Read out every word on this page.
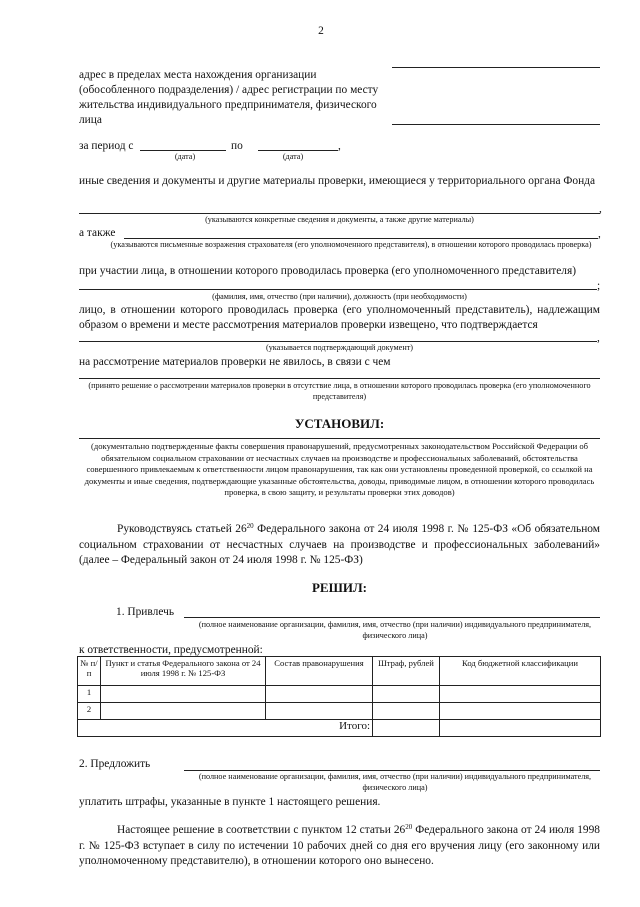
2
адрес в пределах места нахождения организации
(обособленного подразделения) / адрес регистрации по месту
жительства индивидуального предпринимателя, физического
лица
за период с	по	,
(дата)	(дата)
иные сведения и документы и другие материалы проверки, имеющиеся у территориального органа Фонда
,
(указываются конкретные сведения и документы, а также другие материалы)
а также	,
(указываются письменные возражения страхователя (его уполномоченного представителя), в отношении которого проводилась проверка)
при участии лица, в отношении которого проводилась проверка (его уполномоченного представителя)
;
(фамилия, имя, отчество (при наличии), должность (при необходимости)
лицо, в отношении которого проводилась проверка (его уполномоченный представитель), надлежащим образом о времени и месте рассмотрения материалов проверки извещено, что подтверждается
,
(указывается подтверждающий документ)
на рассмотрение материалов проверки не явилось, в связи с чем
(принято решение о рассмотрении материалов проверки в отсутствие лица, в отношении которого проводилась проверка (его уполномоченного представителя)
УСТАНОВИЛ:
(документально подтвержденные факты совершения правонарушений, предусмотренных законодательством Российской Федерации об обязательном социальном страховании от несчастных случаев на производстве и профессиональных заболеваний, обстоятельства совершенного привлекаемым к ответственности лицом правонарушения, так как они установлены проведенной проверкой, со ссылкой на документы и иные сведения, подтверждающие указанные обстоятельства, доводы, приводимые лицом, в отношении которого проводилась проверка, в свою защиту, и результаты проверки этих доводов)
Руководствуясь статьей $26^{20}$ Федерального закона от 24 июля 1998 г. № 125-ФЗ «Об обязательном социальном страховании от несчастных случаев на производстве и профессиональных заболеваний» (далее – Федеральный закон от 24 июля 1998 г. № 125-ФЗ)
РЕШИЛ:
1. Привлечь
(полное наименование организации, фамилия, имя, отчество (при наличии) индивидуального предпринимателя, физического лица)
к ответственности, предусмотренной:
№ п/п	Пункт и статья Федерального закона от 24 июля 1998 г. № 125-ФЗ	Состав правонарушения	Штраф, рублей	Код бюджетной классификации
1				
2				
Итого:				
2. Предложить
(полное наименование организации, фамилия, имя, отчество (при наличии) индивидуального предпринимателя, физического лица)
уплатить штрафы, указанные в пункте 1 настоящего решения.
Настоящее решение в соответствии с пунктом 12 статьи $26^{20}$ Федерального закона от 24 июля 1998 г. № 125-ФЗ вступает в силу по истечении 10 рабочих дней со дня его вручения лицу (его законному или уполномоченному представителю), в отношении которого оно вынесено.
